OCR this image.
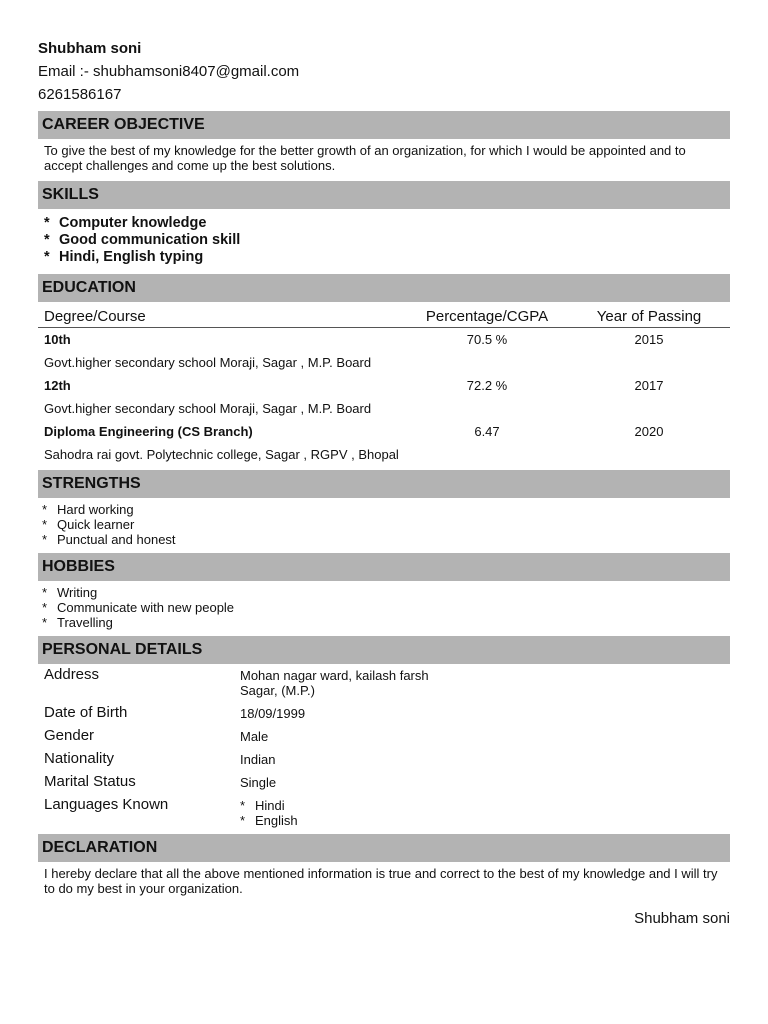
Shubham soni
Email :- shubhamsoni8407@gmail.com
6261586167
CAREER OBJECTIVE
To give the best of my knowledge for the better growth of an organization, for which I would be appointed and to accept challenges and come up the best solutions.
SKILLS
* Computer knowledge
* Good communication skill
* Hindi, English typing
EDUCATION
Degree/Course	Percentage/CGPA	Year of Passing
10th	70.5 %	2015
Govt.higher secondary school Moraji, Sagar , M.P. Board		
12th	72.2 %	2017
Govt.higher secondary school Moraji, Sagar , M.P. Board		
Diploma Engineering (CS Branch)	6.47	2020
Sahodra rai govt. Polytechnic college, Sagar , RGPV , Bhopal		
STRENGTHS
* Hard working
* Quick learner
* Punctual and honest
HOBBIES
* Writing
* Communicate with new people
* Travelling
PERSONAL DETAILS
Address	Mohan nagar ward, kailash farsh
Sagar, (M.P.)

Date of Birth	18/09/1999
Gender	Male
Nationality	Indian
Marital Status	Single
Languages Known	* Hindi
* English
DECLARATION
I hereby declare that all the above mentioned information is true and correct to the best of my knowledge and I will try to do my best in your organization.
Shubham soni
